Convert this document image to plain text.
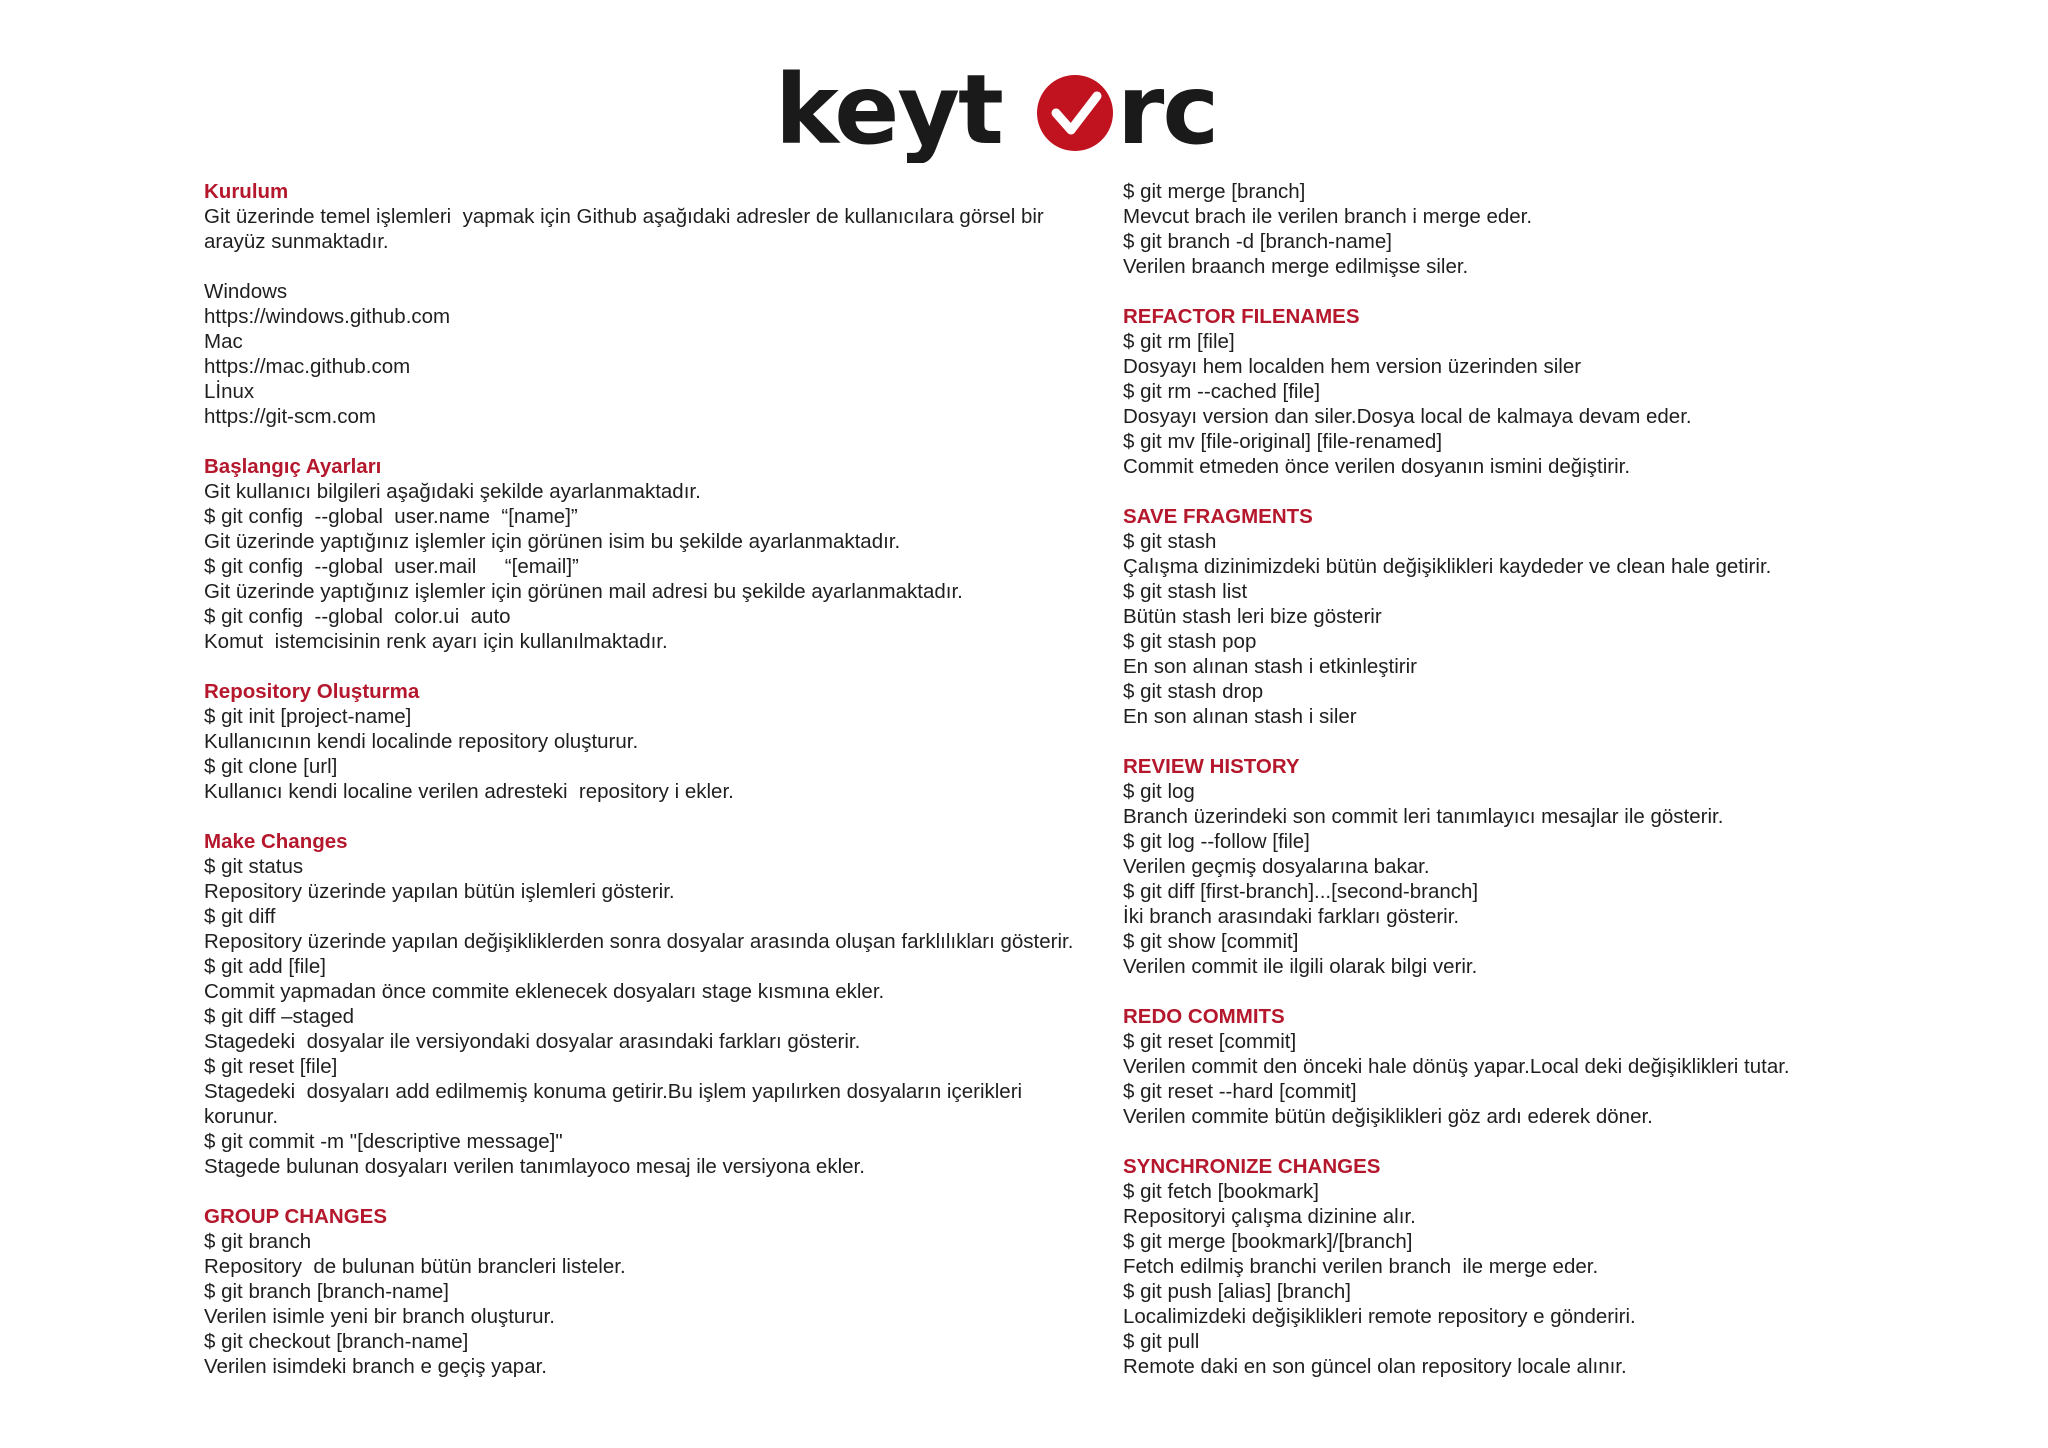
keyt rc
Kurulum
Git üzerinde temel işlemleri  yapmak için Github aşağıdaki adresler de kullanıcılara görsel bir arayüz sunmaktadır.
Windows
https://windows.github.com
Mac
https://mac.github.com
Lİnux
https://git-scm.com
Başlangıç Ayarları
Git kullanıcı bilgileri aşağıdaki şekilde ayarlanmaktadır.
$ git config  --global  user.name  “[name]”
Git üzerinde yaptığınız işlemler için görünen isim bu şekilde ayarlanmaktadır.
$ git config  --global  user.mail     “[email]”
Git üzerinde yaptığınız işlemler için görünen mail adresi bu şekilde ayarlanmaktadır.
$ git config  --global  color.ui  auto
Komut  istemcisinin renk ayarı için kullanılmaktadır.
Repository Oluşturma
$ git init [project-name]
Kullanıcının kendi localinde repository oluşturur.
$ git clone [url]
Kullanıcı kendi localine verilen adresteki  repository i ekler.
Make Changes
$ git status
Repository üzerinde yapılan bütün işlemleri gösterir.
$ git diff
Repository üzerinde yapılan değişikliklerden sonra dosyalar arasında oluşan farklılıkları gösterir.
$ git add [file]
Commit yapmadan önce commite eklenecek dosyaları stage kısmına ekler.
$ git diff –staged
Stagedeki  dosyalar ile versiyondaki dosyalar arasındaki farkları gösterir.
$ git reset [file]
Stagedeki  dosyaları add edilmemiş konuma getirir.Bu işlem yapılırken dosyaların içerikleri korunur.
$ git commit -m "[descriptive message]"
Stagede bulunan dosyaları verilen tanımlayoco mesaj ile versiyona ekler.
GROUP CHANGES
$ git branch
Repository  de bulunan bütün brancleri listeler.
$ git branch [branch-name]
Verilen isimle yeni bir branch oluşturur.
$ git checkout [branch-name]
Verilen isimdeki branch e geçiş yapar.
$ git merge [branch]
Mevcut brach ile verilen branch i merge eder.
$ git branch -d [branch-name]
Verilen braanch merge edilmişse siler.
REFACTOR FILENAMES
$ git rm [file]
Dosyayı hem localden hem version üzerinden siler
$ git rm --cached [file]
Dosyayı version dan siler.Dosya local de kalmaya devam eder.
$ git mv [file-original] [file-renamed]
Commit etmeden önce verilen dosyanın ismini değiştirir.
SAVE FRAGMENTS
$ git stash
Çalışma dizinimizdeki bütün değişiklikleri kaydeder ve clean hale getirir.
$ git stash list
Bütün stash leri bize gösterir
$ git stash pop
En son alınan stash i etkinleştirir
$ git stash drop
En son alınan stash i siler
REVIEW HISTORY
$ git log
Branch üzerindeki son commit leri tanımlayıcı mesajlar ile gösterir.
$ git log --follow [file]
Verilen geçmiş dosyalarına bakar.
$ git diff [first-branch]...[second-branch]
İki branch arasındaki farkları gösterir.
$ git show [commit]
Verilen commit ile ilgili olarak bilgi verir.
REDO COMMITS
$ git reset [commit]
Verilen commit den önceki hale dönüş yapar.Local deki değişiklikleri tutar.
$ git reset --hard [commit]
Verilen commite bütün değişiklikleri göz ardı ederek döner.
SYNCHRONIZE CHANGES
$ git fetch [bookmark]
Repositoryi çalışma dizinine alır.
$ git merge [bookmark]/[branch]
Fetch edilmiş branchi verilen branch  ile merge eder.
$ git push [alias] [branch]
Localimizdeki değişiklikleri remote repository e gönderiri.
$ git pull
Remote daki en son güncel olan repository locale alınır.
